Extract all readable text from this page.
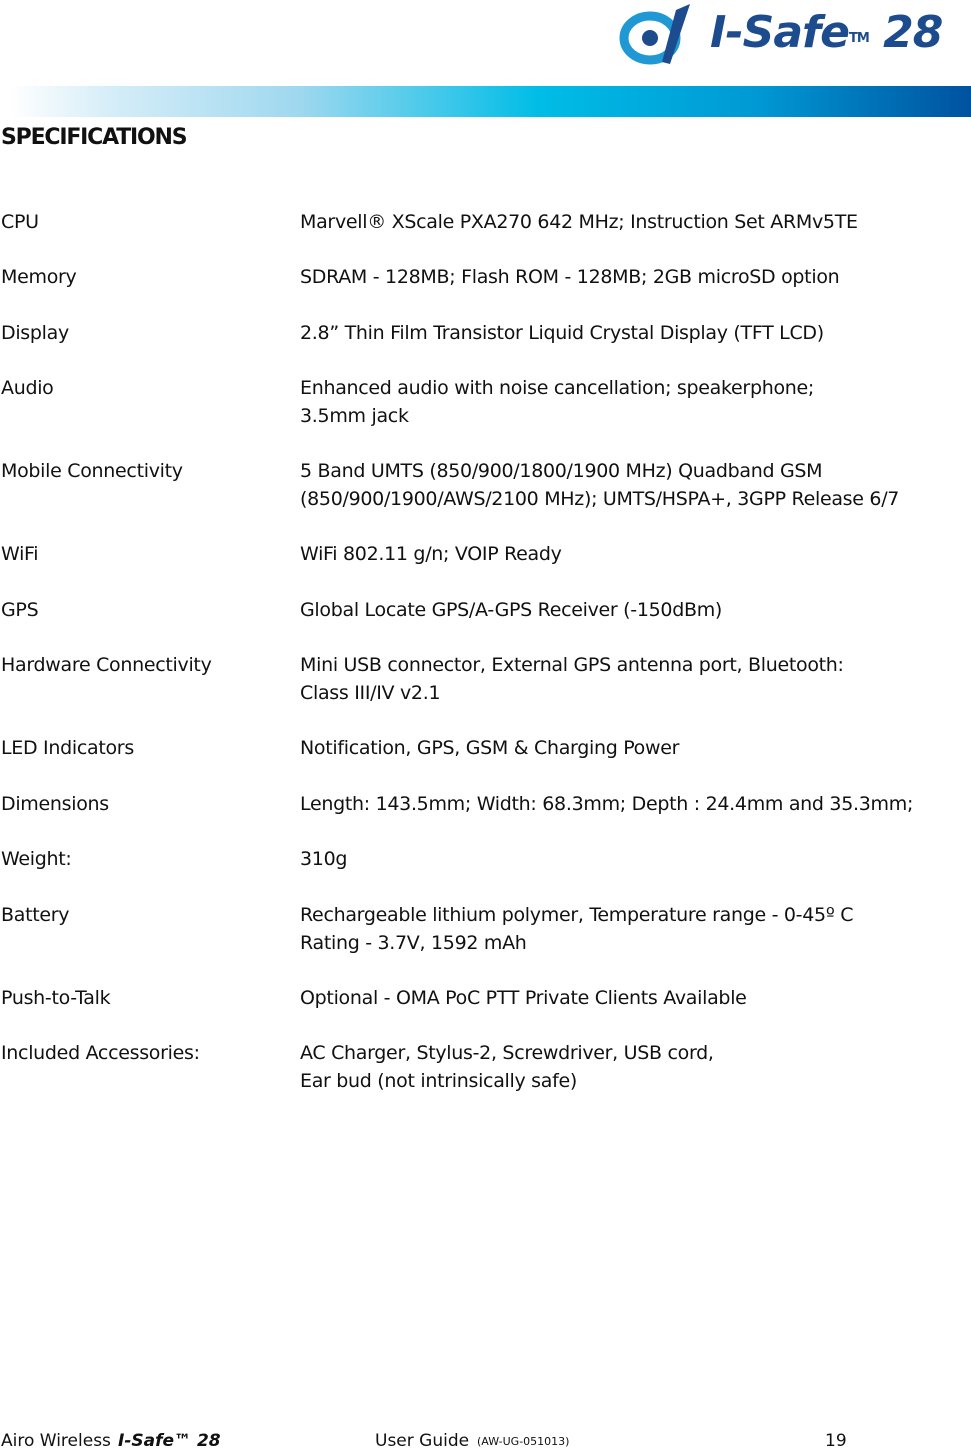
I-Safe™ 28
SPECIFICATIONS
CPU	Marvell® XScale PXA270 642 MHz; Instruction Set ARMv5TE
Memory	SDRAM - 128MB; Flash ROM - 128MB; 2GB microSD option
Display	2.8” Thin Film Transistor Liquid Crystal Display (TFT LCD)
Audio	Enhanced audio with noise cancellation; speakerphone;
3.5mm jack
Mobile Connectivity	5 Band UMTS (850/900/1800/1900 MHz) Quadband GSM
(850/900/1900/AWS/2100 MHz); UMTS/HSPA+, 3GPP Release 6/7
WiFi	WiFi 802.11 g/n; VOIP Ready
GPS	Global Locate GPS/A-GPS Receiver (-150dBm)
Hardware Connectivity	Mini USB connector, External GPS antenna port, Bluetooth:
Class III/IV v2.1
LED Indicators	Notification, GPS, GSM & Charging Power
Dimensions	Length: 143.5mm; Width: 68.3mm; Depth : 24.4mm and 35.3mm;
Weight:	310g
Battery	Rechargeable lithium polymer, Temperature range - 0-45º C
Rating - 3.7V, 1592 mAh
Push-to-Talk	Optional - OMA PoC PTT Private Clients Available
Included Accessories:	AC Charger, Stylus-2, Screwdriver, USB cord,
Ear bud (not intrinsically safe)
Airo Wireless I-Safe™ 28	User Guide (AW-UG-051013)	19
